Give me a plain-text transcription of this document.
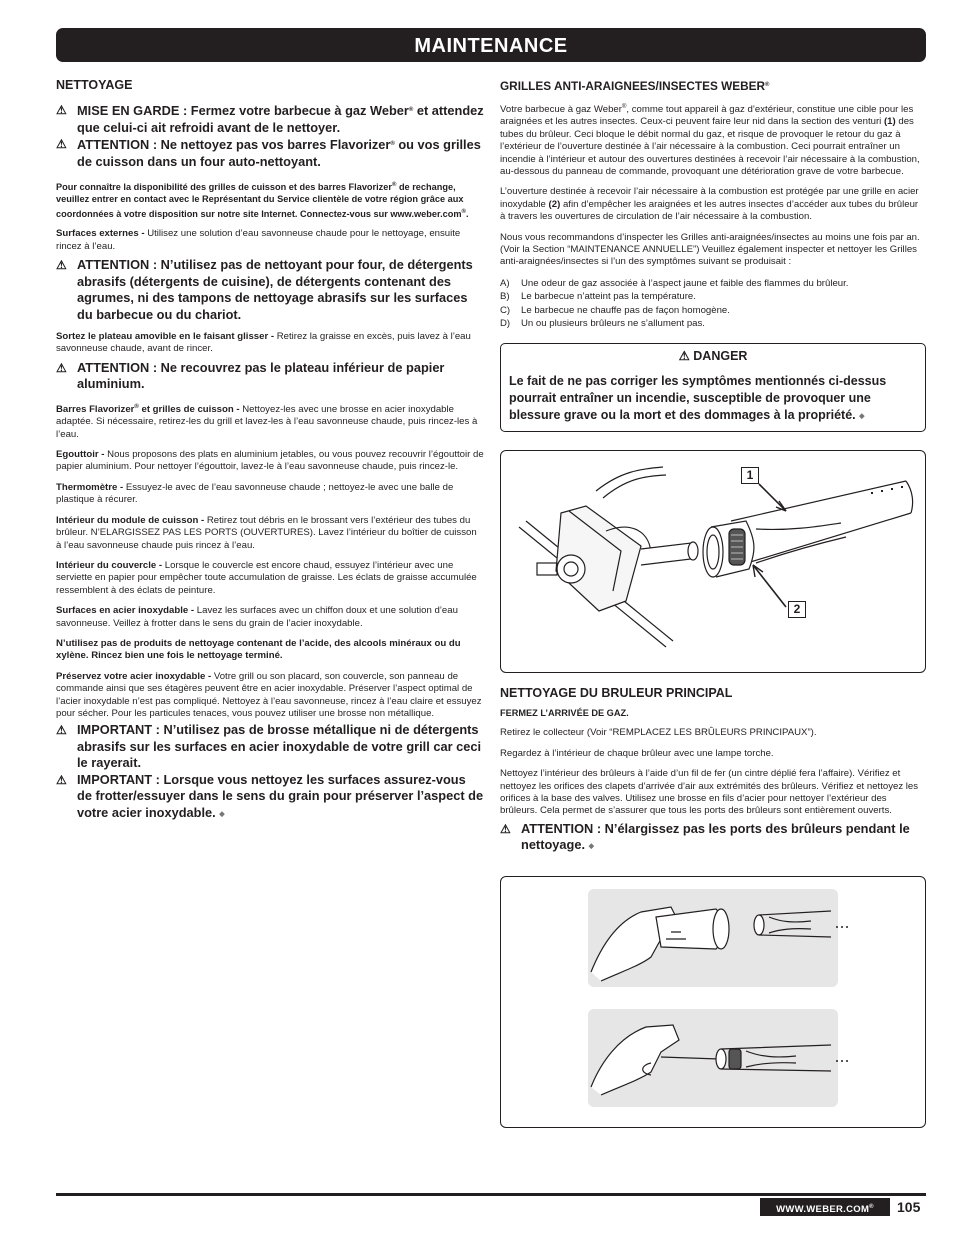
MAINTENANCE
NETTOYAGE
⚠ MISE EN GARDE : Fermez votre barbecue à gaz Weber® et attendez que celui-ci ait refroidi avant de le nettoyer.
⚠ ATTENTION : Ne nettoyez pas vos barres Flavorizer® ou vos grilles de cuisson dans un four auto-nettoyant.
Pour connaître la disponibilité des grilles de cuisson et des barres Flavorizer® de rechange, veuillez entrer en contact avec le Représentant du Service clientèle de votre région grâce aux coordonnées à votre disposition sur notre site Internet. Connectez-vous sur www.weber.com®.
Surfaces externes - Utilisez une solution d’eau savonneuse chaude pour le nettoyage, ensuite rincez à l’eau.
⚠ ATTENTION : N’utilisez pas de nettoyant pour four, de détergents abrasifs (détergents de cuisine), de détergents contenant des agrumes, ni des tampons de nettoyage abrasifs sur les surfaces du barbecue ou du chariot.
Sortez le plateau amovible en le faisant glisser - Retirez la graisse en excès, puis lavez à l’eau savonneuse chaude, avant de rincer.
⚠ ATTENTION : Ne recouvrez pas le plateau inférieur de papier aluminium.
Barres Flavorizer® et grilles de cuisson - Nettoyez-les avec une brosse en acier inoxydable adaptée. Si nécessaire, retirez-les du grill et lavez-les à l’eau savonneuse chaude, puis rincez-les à l’eau.
Egouttoir - Nous proposons des plats en aluminium jetables, ou vous pouvez recouvrir l’égouttoir de papier aluminium. Pour nettoyer l’égouttoir, lavez-le à l’eau savonneuse chaude, puis rincez-le.
Thermomètre - Essuyez-le avec de l’eau savonneuse chaude ; nettoyez-le avec une balle de plastique à récurer.
Intérieur du module de cuisson - Retirez tout débris en le brossant vers l’extérieur des tubes du brûleur. N’ELARGISSEZ PAS LES PORTS (OUVERTURES). Lavez l’intérieur du boîtier de cuisson à l’eau savonneuse chaude puis rincez à l’eau.
Intérieur du couvercle - Lorsque le couvercle est encore chaud, essuyez l’intérieur avec une serviette en papier pour empêcher toute accumulation de graisse. Les éclats de graisse accumulée ressemblent à des éclats de peinture.
Surfaces en acier inoxydable - Lavez les surfaces avec un chiffon doux et une solution d’eau savonneuse. Veillez à frotter dans le sens du grain de l’acier inoxydable.
N’utilisez pas de produits de nettoyage contenant de l’acide, des alcools minéraux ou du xylène. Rincez bien une fois le nettoyage terminé.
Préservez votre acier inoxydable - Votre grill ou son placard, son couvercle, son panneau de commande ainsi que ses étagères peuvent être en acier inoxydable. Préserver l’aspect optimal de l’acier inoxydable n’est pas compliqué. Nettoyez à l’eau savonneuse, rincez à l’eau claire et essuyez pour sécher. Pour les particules tenaces, vous pouvez utiliser une brosse non métallique.
⚠ IMPORTANT : N’utilisez pas de brosse métallique ni de détergents abrasifs sur les surfaces en acier inoxydable de votre grill car ceci le rayerait.
⚠ IMPORTANT : Lorsque vous nettoyez les surfaces assurez-vous de frotter/essuyer dans le sens du grain pour préserver l’aspect de votre acier inoxydable. ◆
GRILLES ANTI-ARAIGNEES/INSECTES WEBER®
Votre barbecue à gaz Weber®, comme tout appareil à gaz d’extérieur, constitue une cible pour les araignées et les autres insectes. Ceux-ci peuvent faire leur nid dans la section des venturi (1) des tubes du brûleur. Ceci bloque le débit normal du gaz, et risque de provoquer le retour du gaz à l’extérieur de l’ouverture destinée à l’air nécessaire à la combustion. Ceci pourrait entraîner un incendie à l’intérieur et autour des ouvertures destinées à recevoir l’air nécessaire à la combustion, au-dessous du panneau de commande, provoquant une détérioration grave de votre barbecue.
L’ouverture destinée à recevoir l’air nécessaire à la combustion est protégée par une grille en acier inoxydable (2) afin d’empêcher les araignées et les autres insectes d’accéder aux tubes du brûleur à travers les ouvertures de circulation de l’air nécessaire à la combustion.
Nous vous recommandons d’inspecter les Grilles anti-araignées/insectes au moins une fois par an. (Voir la Section “MAINTENANCE ANNUELLE”) Veuillez également inspecter et nettoyer les Grilles anti-araignées/insectes si l’un des symptômes suivant se produisait :
A)	Une odeur de gaz associée à l’aspect jaune et faible des flammes du brûleur.
B)	Le barbecue n’atteint pas la température.
C)	Le barbecue ne chauffe pas de façon homogène.
D)	Un ou plusieurs brûleurs ne s’allument pas.
⚠ DANGER
Le fait de ne pas corriger les symptômes mentionnés ci-dessus pourrait entraîner un incendie, susceptible de provoquer une blessure grave ou la mort et des dommages à la propriété. ◆
1
2
NETTOYAGE DU BRULEUR PRINCIPAL
FERMEZ L’ARRIVÉE DE GAZ.
Retirez le collecteur (Voir “REMPLACEZ LES BRÛLEURS PRINCIPAUX”).
Regardez à l’intérieur de chaque brûleur avec une lampe torche.
Nettoyez l’intérieur des brûleurs à l’aide d’un fil de fer (un cintre déplié fera l’affaire). Vérifiez et nettoyez les orifices des clapets d’arrivée d’air aux extrémités des brûleurs. Vérifiez et nettoyez les orifices à la base des valves. Utilisez une brosse en fils d’acier pour nettoyer l’extérieur des brûleurs. Cela permet de s’assurer que tous les ports des brûleurs sont entièrement ouverts.
⚠ ATTENTION : N’élargissez pas les ports des brûleurs pendant le nettoyage. ◆
WWW.WEBER.COM®	105
